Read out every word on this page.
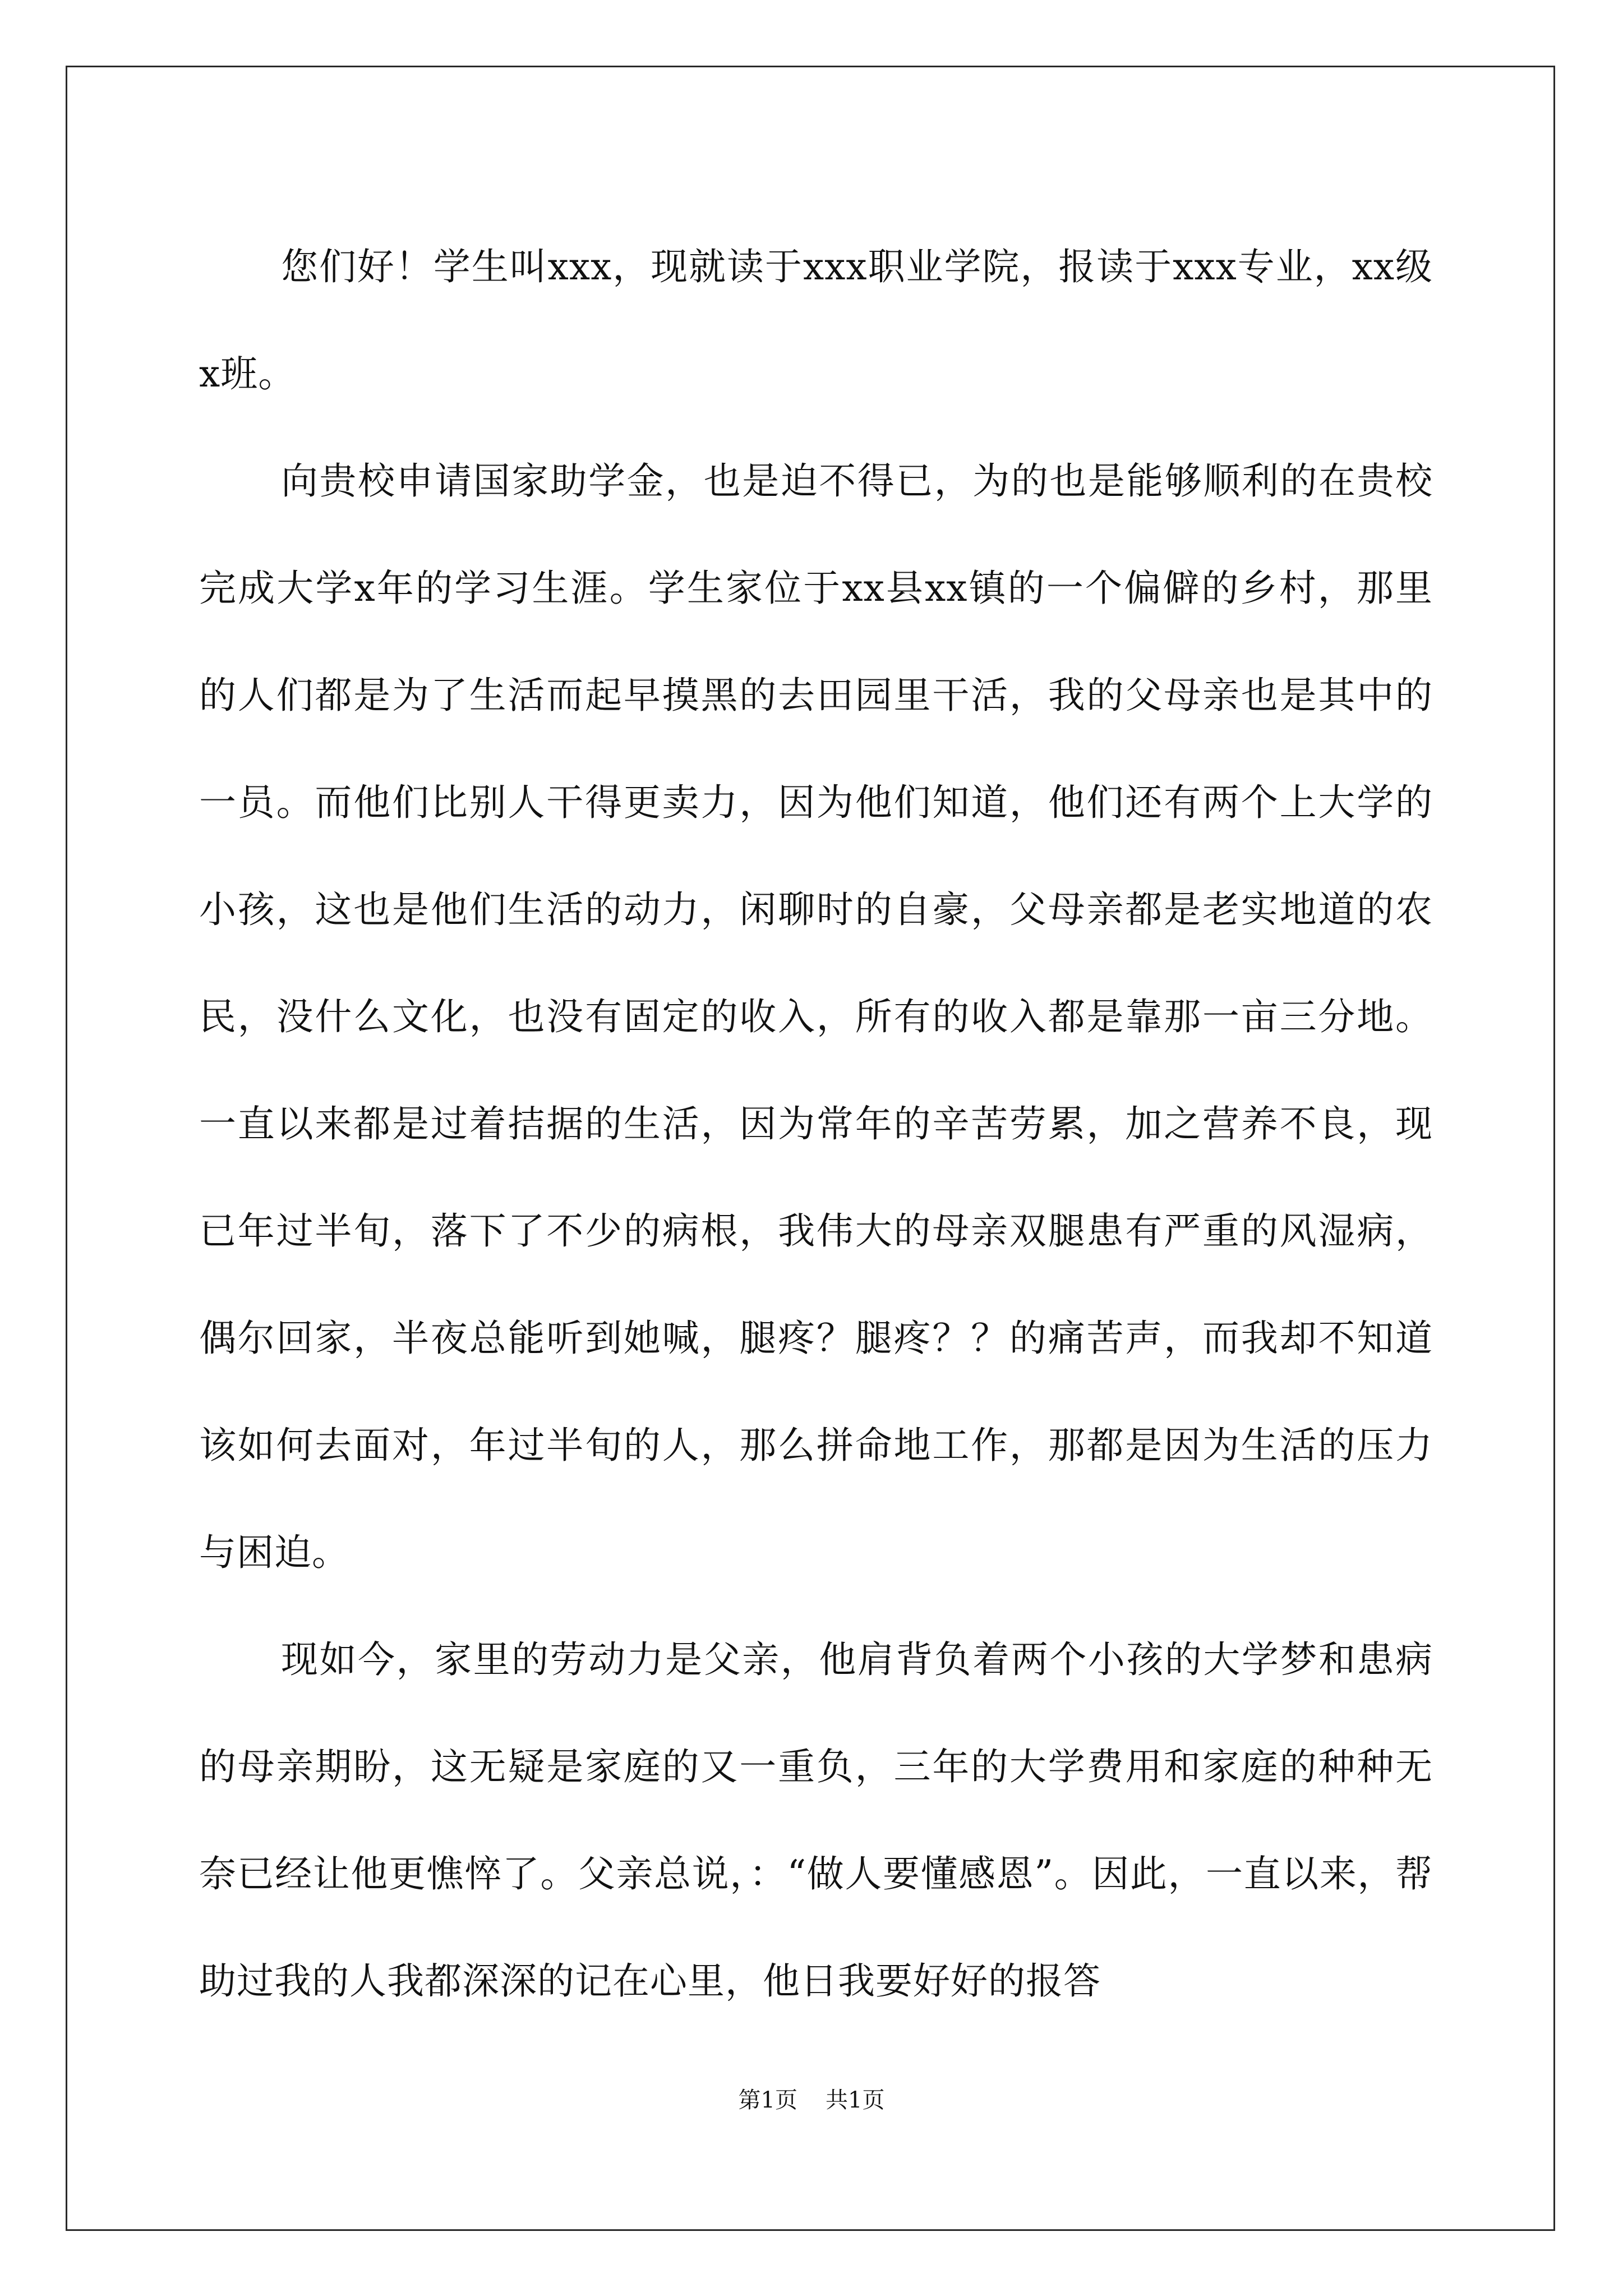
您们好！学生叫xxx，现就读于xxx职业学院，报读于xxx专业，xx级x班。

向贵校申请国家助学金，也是迫不得已，为的也是能够顺利的在贵校完成大学x年的学习生涯。学生家位于xx县xx镇的一个偏僻的乡村，那里的人们都是为了生活而起早摸黑的去田园里干活，我的父母亲也是其中的一员。而他们比别人干得更卖力，因为他们知道，他们还有两个上大学的小孩，这也是他们生活的动力，闲聊时的自豪，父母亲都是老实地道的农民，没什么文化，也没有固定的收入，所有的收入都是靠那一亩三分地。一直以来都是过着拮据的生活，因为常年的辛苦劳累，加之营养不良，现已年过半旬，落下了不少的病根，我伟大的母亲双腿患有严重的风湿病，偶尔回家，半夜总能听到她喊，腿疼？腿疼？？的痛苦声，而我却不知道该如何去面对，年过半旬的人，那么拼命地工作，那都是因为生活的压力与困迫。

现如今，家里的劳动力是父亲，他肩背负着两个小孩的大学梦和患病的母亲期盼，这无疑是家庭的又一重负，三年的大学费用和家庭的种种无奈已经让他更憔悴了。父亲总说，：“做人要懂感恩”。因此，一直以来，帮助过我的人我都深深的记在心里，他日我要好好的报答

第1页 共1页
